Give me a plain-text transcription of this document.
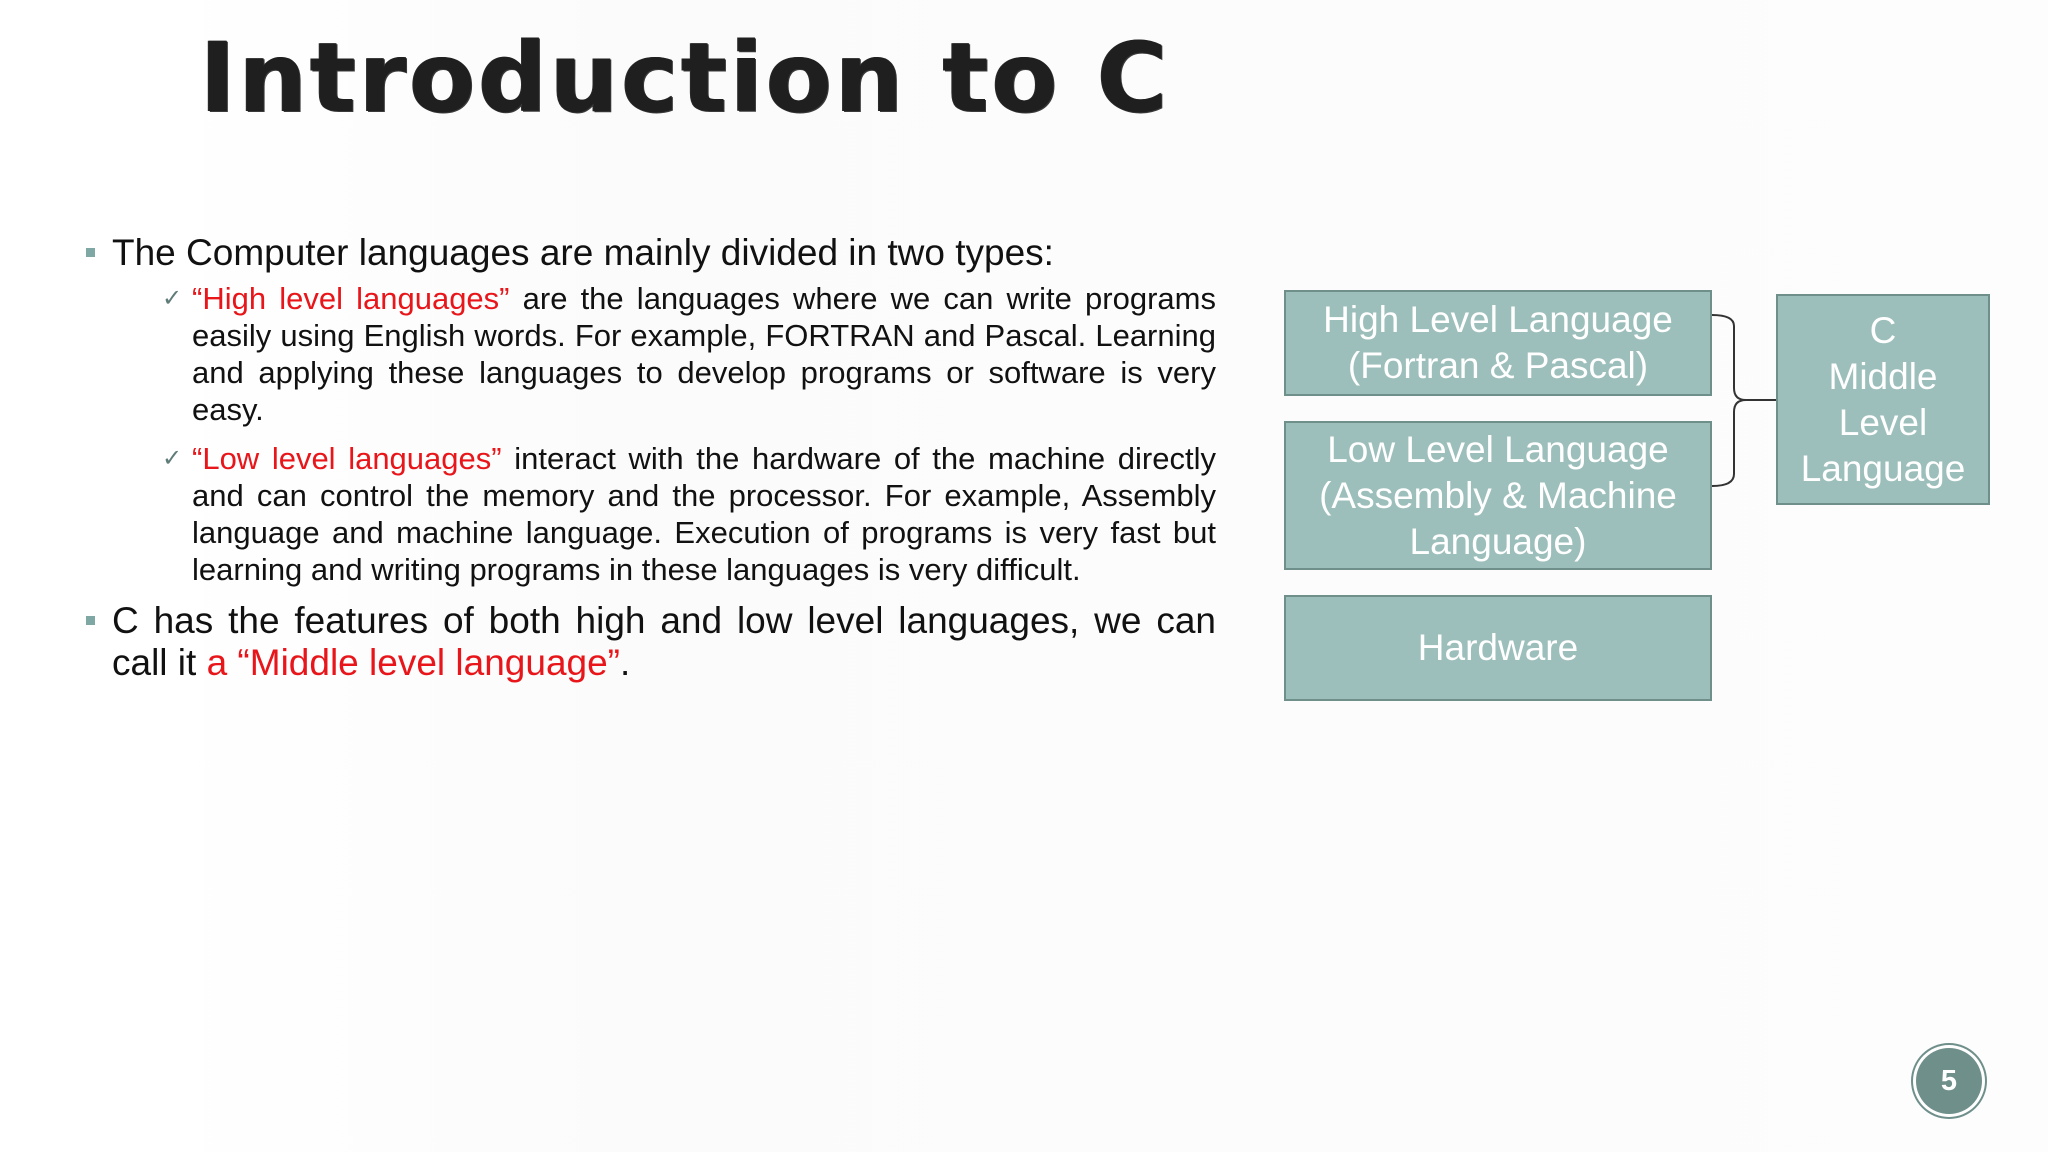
Introduction to C
The Computer languages are mainly divided in two types:
✓ “High level languages” are the languages where we can write programs easily using English words. For example, FORTRAN and Pascal. Learning and applying these languages to develop programs or software is very easy.
✓ “Low level languages” interact with the hardware of the machine directly and can control the memory and the processor. For example, Assembly language and machine language. Execution of programs is very fast but learning and writing programs in these languages is very difficult.
C has the features of both high and low level languages, we can call it a “Middle level language”.
High Level Language
(Fortran & Pascal)
Low Level Language
(Assembly & Machine
Language)
Hardware
C
Middle
Level
Language
5
